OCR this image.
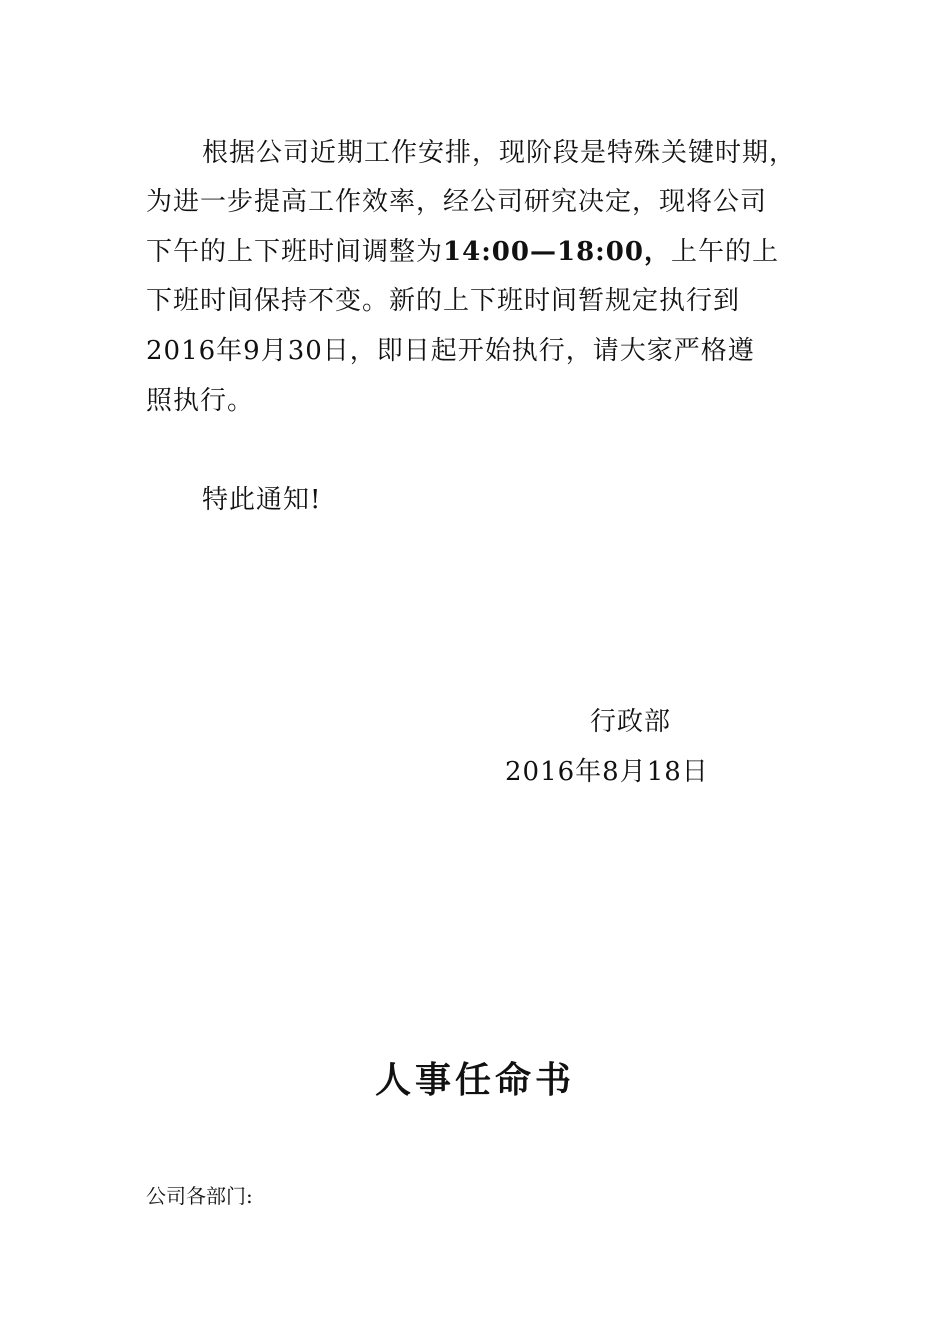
根据公司近期工作安排，现阶段是特殊关键时期，
为进一步提高工作效率，经公司研究决定，现将公司
下午的上下班时间调整为14:00—18:00，上午的上
下班时间保持不变。新的上下班时间暂规定执行到
2016年9月30日，即日起开始执行，请大家严格遵
照执行。
特此通知!
行政部
2016年8月18日
人事任命书
公司各部门:
